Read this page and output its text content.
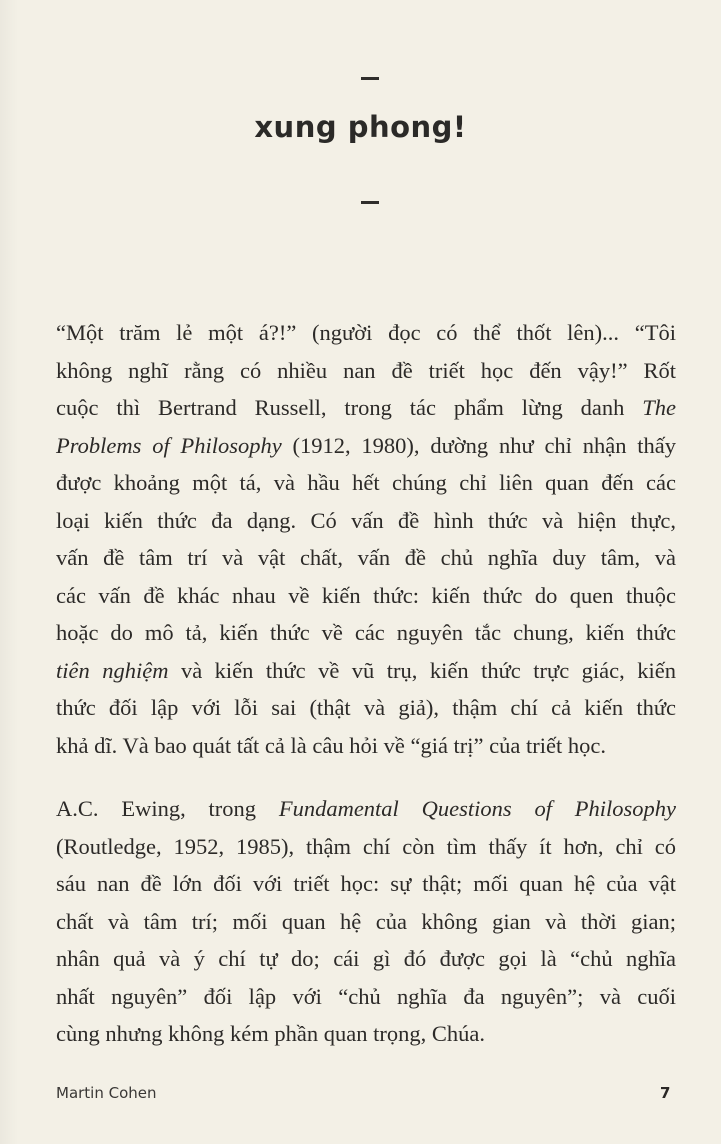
xung phong!

“Một trăm lẻ một á?!” (người đọc có thể thốt lên)... “Tôi
không nghĩ rằng có nhiều nan đề triết học đến vậy!” Rốt
cuộc thì Bertrand Russell, trong tác phẩm lừng danh The
Problems of Philosophy (1912, 1980), dường như chỉ nhận thấy
được khoảng một tá, và hầu hết chúng chỉ liên quan đến các
loại kiến thức đa dạng. Có vấn đề hình thức và hiện thực,
vấn đề tâm trí và vật chất, vấn đề chủ nghĩa duy tâm, và
các vấn đề khác nhau về kiến thức: kiến thức do quen thuộc
hoặc do mô tả, kiến thức về các nguyên tắc chung, kiến thức
tiên nghiệm và kiến thức về vũ trụ, kiến thức trực giác, kiến
thức đối lập với lỗi sai (thật và giả), thậm chí cả kiến thức
khả dĩ. Và bao quát tất cả là câu hỏi về “giá trị” của triết học.

A.C. Ewing, trong Fundamental Questions of Philosophy
(Routledge, 1952, 1985), thậm chí còn tìm thấy ít hơn, chỉ có
sáu nan đề lớn đối với triết học: sự thật; mối quan hệ của vật
chất và tâm trí; mối quan hệ của không gian và thời gian;
nhân quả và ý chí tự do; cái gì đó được gọi là “chủ nghĩa
nhất nguyên” đối lập với “chủ nghĩa đa nguyên”; và cuối
cùng nhưng không kém phần quan trọng, Chúa.

Martin Cohen	7
